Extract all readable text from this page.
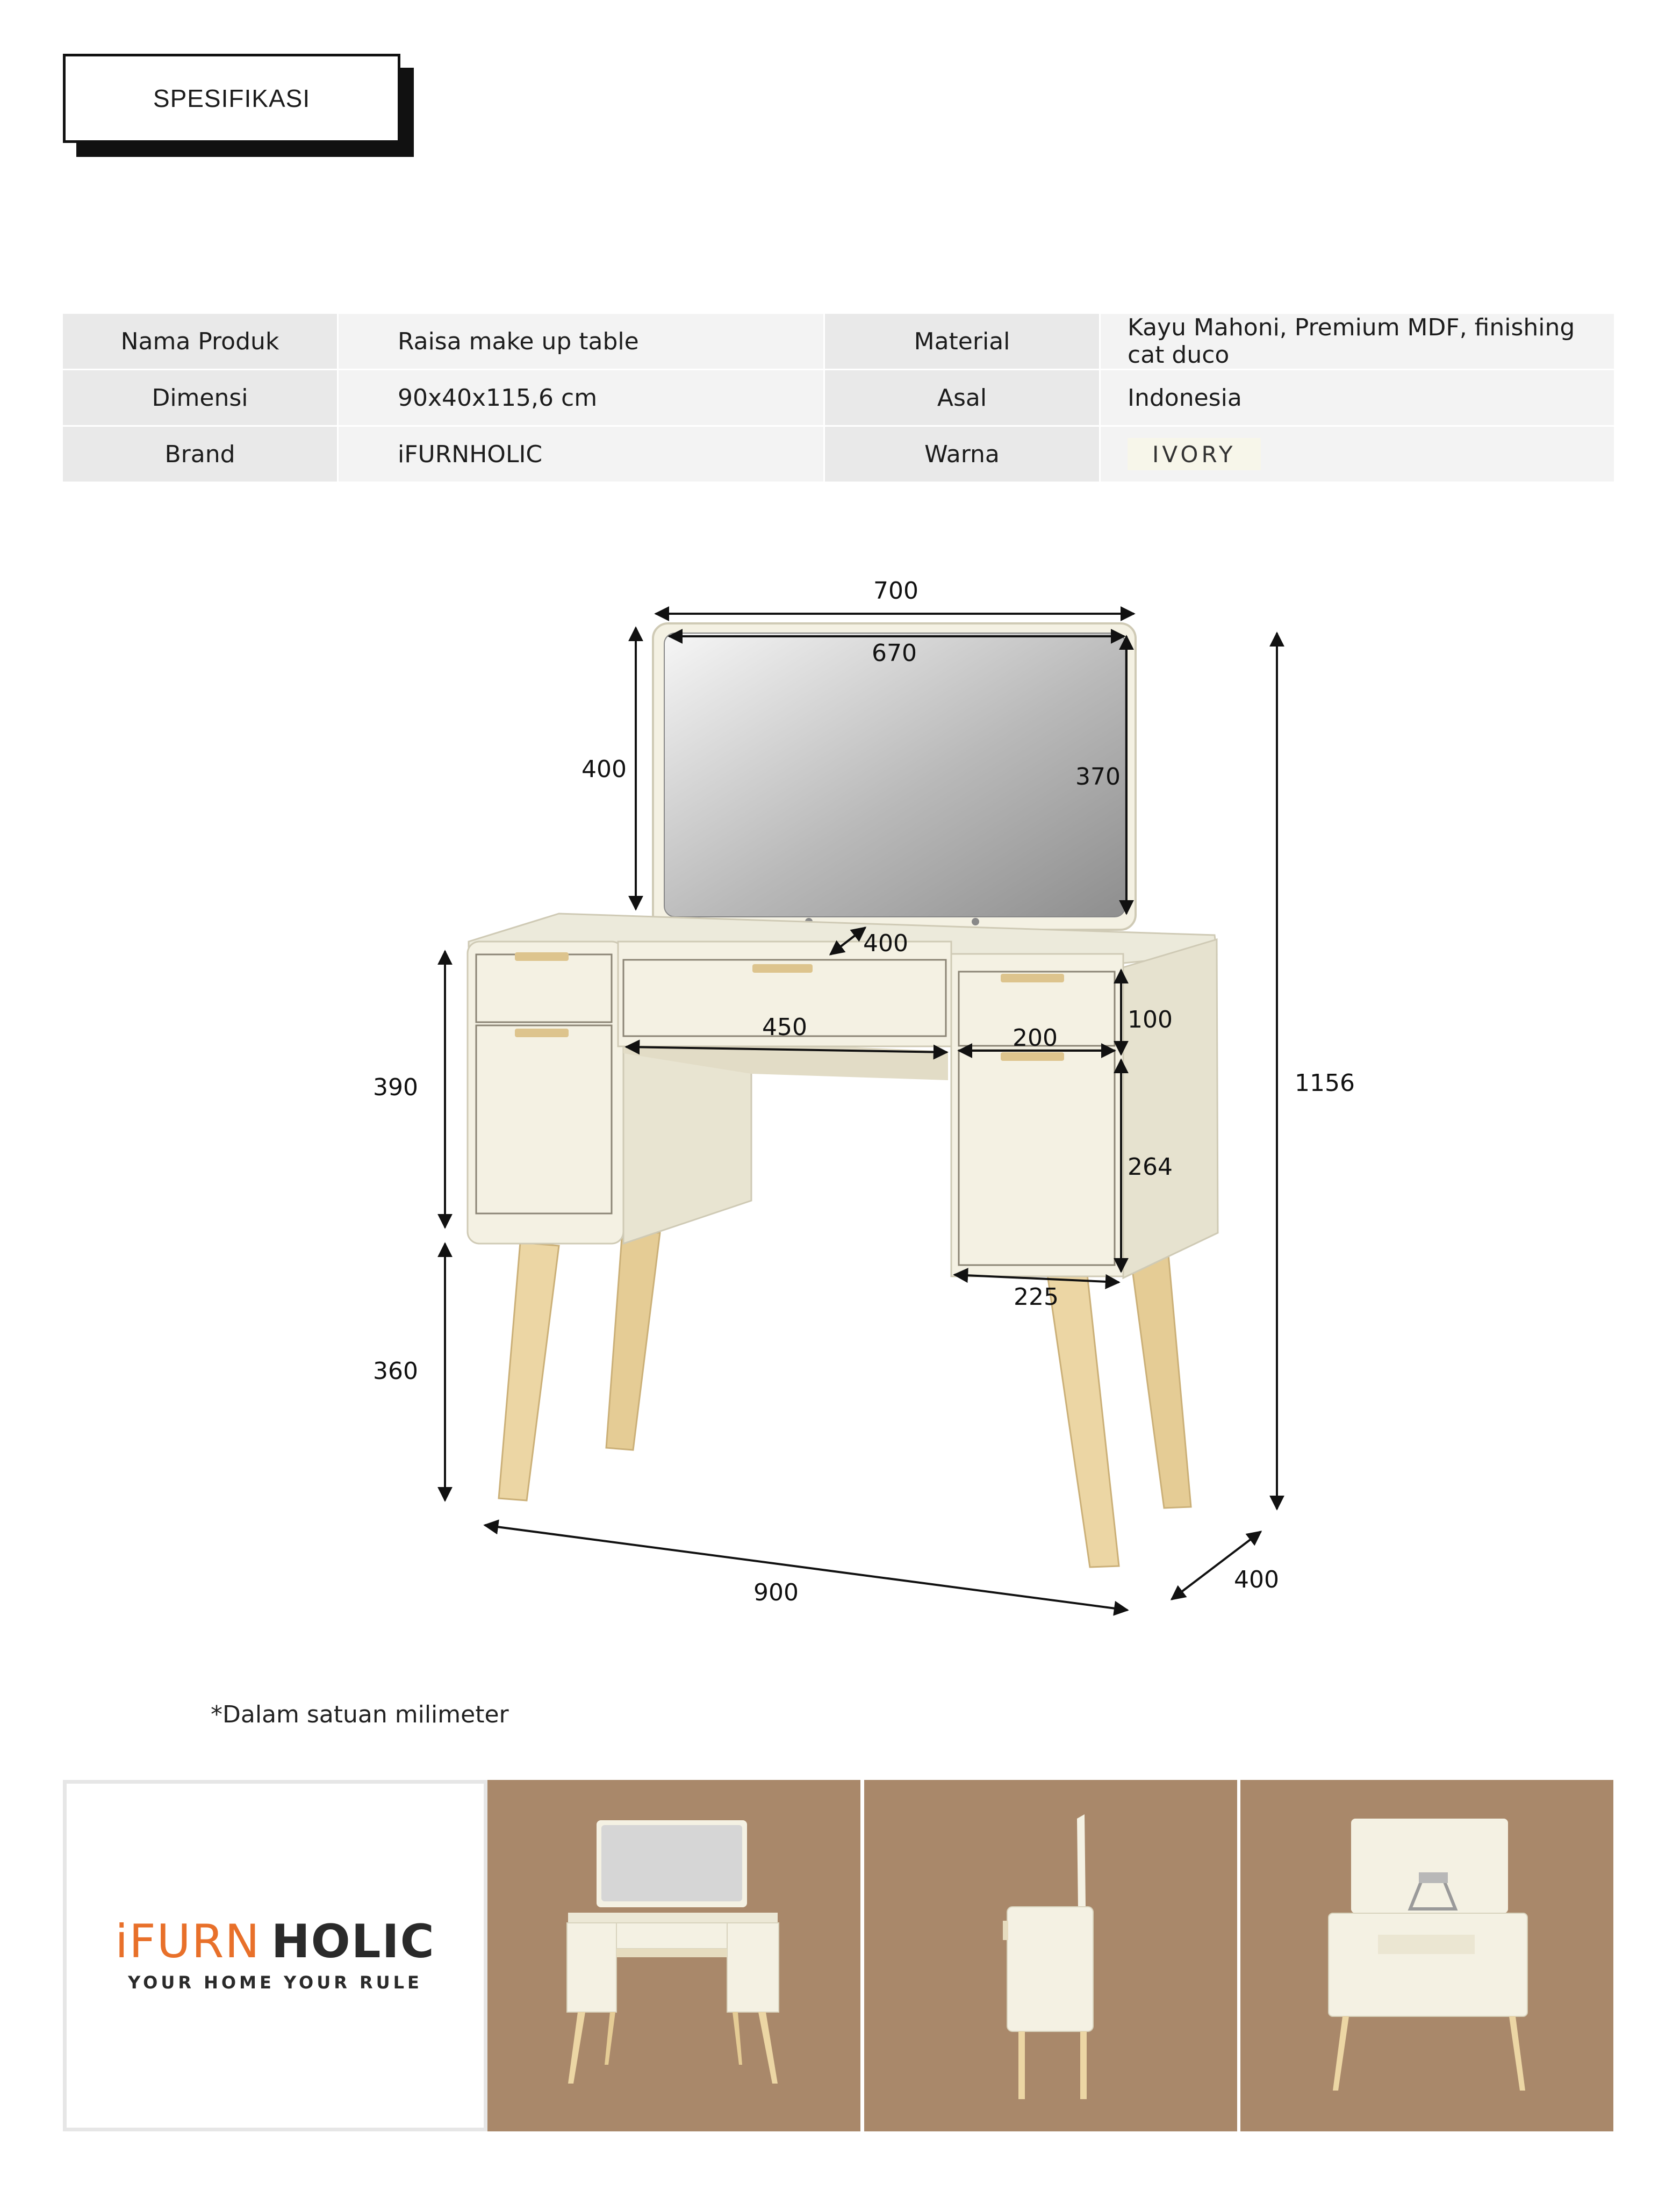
SPESIFIKASI
Nama Produk	Raisa make up table	Material	Kayu Mahoni, Premium MDF, finishing cat duco
Dimensi	90x40x115,6 cm	Asal	Indonesia
Brand	iFURNHOLIC	Warna	IVORY
700
670
400	370
400
450	200
100
264
225
390
360
1156
900	400
*Dalam satuan milimeter
iFURN HOLIC
YOUR HOME YOUR RULE
